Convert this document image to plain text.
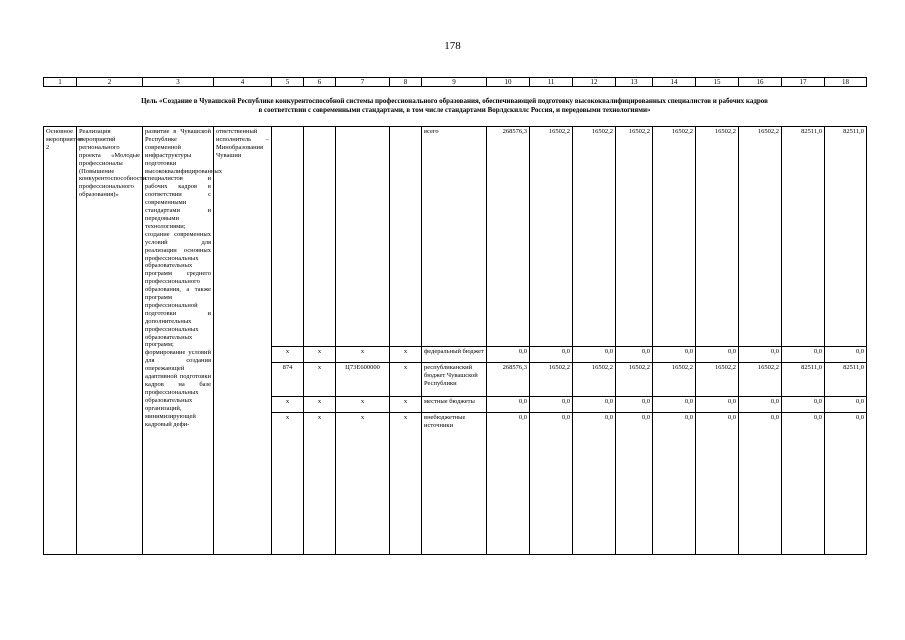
178
1	2	3	4	5	6	7	8	9	10	11	12	13	14	15	16	17	18
Цель «Создание в Чувашской Республике конкурентоспособной системы профессионального образования, обеспечивающей подготовку высококвалифицированных специалистов и рабочих кадров
в соответствии с современными стандартами, в том числе стандартами Ворлдскиллс Россия, и передовыми технологиями»
Основное мероприятие 2	Реализация мероприятий регионального проекта «Молодые профессионалы (Повышение конкурентоспособности профессионального образования)»	развитие в Чувашской Республике современной инфраструктуры подготовки высококвалифицированных специалистов и рабочих кадров в соответствии с современными стандартами и передовыми технологиями; создание современных условий для реализации основных профессиональных образовательных программ среднего профессионального образования, а также программ профессиональной подготовки и дополнительных профессиональных образовательных программ; формирование условий для создания опережающей адаптивной подготовки кадров на базе профессиональных образовательных организаций, минимизирующей кадровый дефи-	ответственный исполнитель – Минобразования Чувашии					всего	268576,3	16502,2	16502,2	16502,2	16502,2	16502,2	16502,2	82511,0	82511,0
				x	x	x	x	федеральный бюджет	0,0	0,0	0,0	0,0	0,0	0,0	0,0	0,0	0,0
				874	x	Ц73Е600000	x	республиканский бюджет Чувашской Республики	268576,3	16502,2	16502,2	16502,2	16502,2	16502,2	16502,2	82511,0	82511,0
				x	x	x	x	местные бюджеты	0,0	0,0	0,0	0,0	0,0	0,0	0,0	0,0	0,0
				x	x	x	x	внебюджетные источники	0,0	0,0	0,0	0,0	0,0	0,0	0,0	0,0	0,0
